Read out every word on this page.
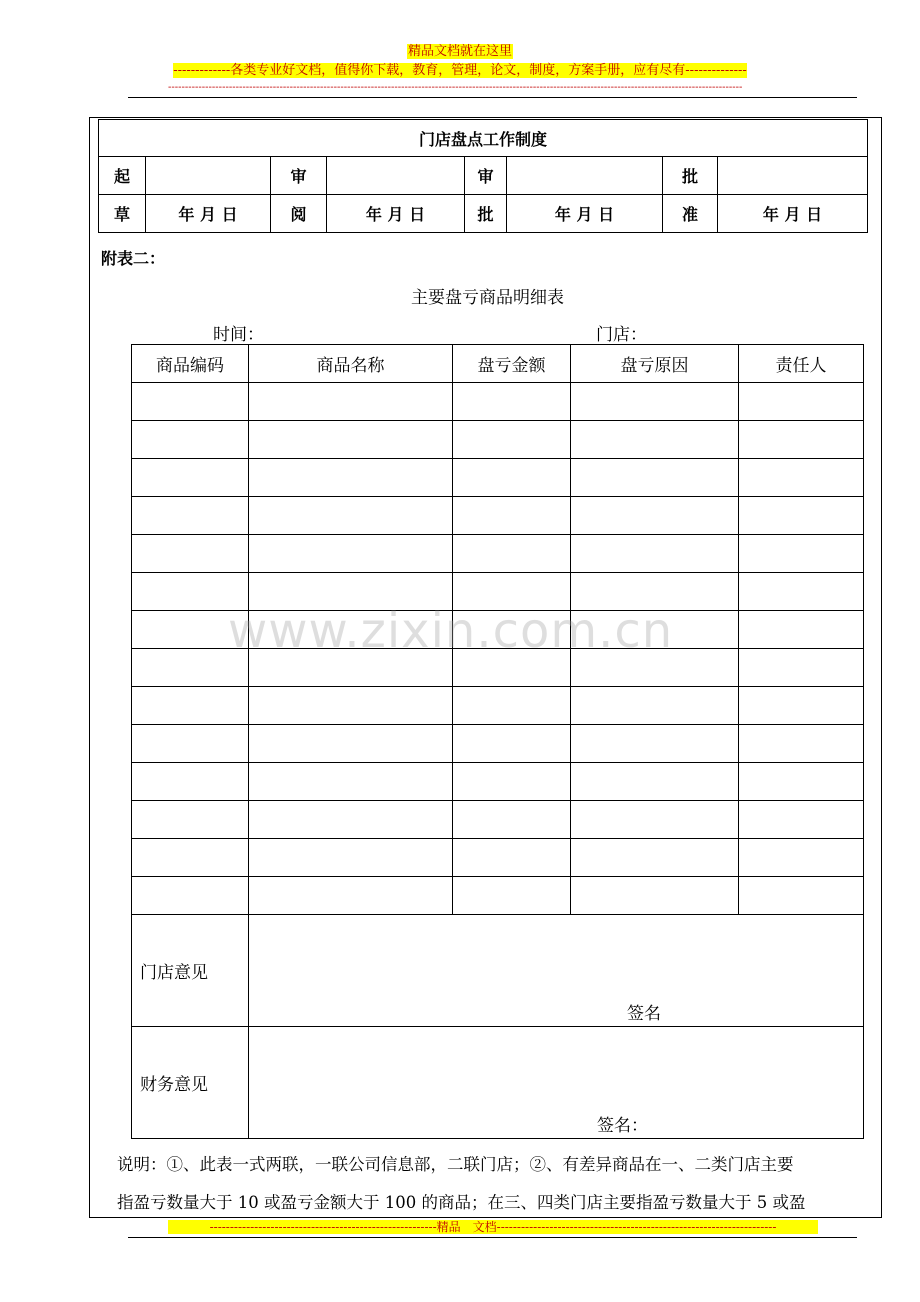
精品文档就在这里
-------------各类专业好文档，值得你下载，教育，管理，论文，制度，方案手册，应有尽有--------------
--------------------------------------------------------------------------------------------------------------------------------------------------------------------------
门店盘点工作制度							
起		审		审		批	
草	年 月 日	阅	年 月 日	批	年 月 日	准	年 月 日
附表二：
主要盘亏商品明细表
时间：	门店：
商品编码	商品名称	盘亏金额	盘亏原因	责任人

门店意见	签名			

财务意见	签名：			
www.zixin.com.cn
说明：①、此表一式两联，一联公司信息部，二联门店；②、有差异商品在一、二类门店主要
指盈亏数量大于 10 或盈亏金额大于 100 的商品；在三、四类门店主要指盈亏数量大于 5 或盈
--------------------------------------------------------精品　文档---------------------------------------------------------------------
